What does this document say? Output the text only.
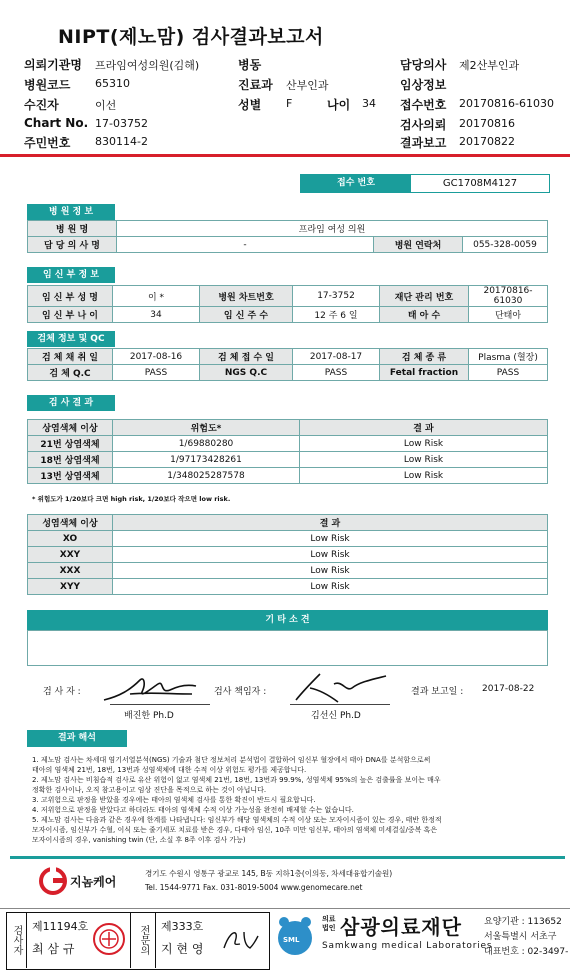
NIPT(제노맘) 검사결과보고서
의뢰기관명 프라임여성의원(김해)	병동	담당의사 제2산부인과
병원코드 65310	진료과 산부인과	임상정보
수진자	이선	성별 F	나이 34 접수번호 20170816-61030
Chart No. 17-03752	검사의뢰 20170816
주민번호 830114-2	결과보고 20170822
접수 번호	GC1708M4127
병 원 정 보
병 원 명	프라임 여성 의원		
담 당 의 사 명	-	병원 연락처	055-328-0059
임 신 부 정 보
임 신 부 성 명	이 *	병원 차트번호	17-3752	재단 관리 번호	20170816-61030
임 신 부 나 이	34	임 신 주 수	12 주 6 일	태 아 수	단태아
검체 정보 및 QC
검 체 채 취 일	2017-08-16	검 체 접 수 일	2017-08-17	검 체 종 류	Plasma (혈장)
검 체 Q.C	PASS	NGS Q.C	PASS	Fetal fraction	PASS
검 사 결 과
상염색체 이상	위험도*	결 과
21번 상염색체	1/69880280	Low Risk
18번 상염색체	1/97173428261	Low Risk
13번 상염색체	1/348025287578	Low Risk
* 위험도가 1/20보다 크면 high risk, 1/20보다 작으면 low risk.
성염색체 이상	결 과
XO	Low Risk
XXY	Low Risk
XXX	Low Risk
XYY	Low Risk
기 타 소 견
검 사 자 :
배진한 Ph.D
검사 책임자 :
김선신 Ph.D
결과 보고일 : 2017-08-22
결과 해석
1. 제노맘 검사는 차세대 염기서열분석(NGS) 기술과 첨단 정보처리 분석법이 결합하여 임신부 혈장에서 태아 DNA를 분석함으로써
태아의 염색체 21번, 18번, 13번과 성염색체에 대한 수적 이상 위험도 평가를 제공합니다.
2. 제노맘 검사는 비침습적 검사로 유산 위험이 없고 염색체 21번, 18번, 13번과 99.9%, 성염색체 95%의 높은 검출률을 보이는 매우
정확한 검사이나, 오직 참고용이고 임상 진단을 목적으로 하는 것이 아닙니다.
3. 고위험으로 판정을 받았을 경우에는 태아의 염색체 검사를 통한 확진이 반드시 필요합니다.
4. 저위험으로 판정을 받았다고 하더라도 태아의 염색체 수적 이상 가능성을 완전히 배제할 수는 없습니다.
5. 제노맘 검사는 다음과 같은 경우에 한계를 나타냅니다: 임신부가 해당 염색체의 수적 이상 또는 모자이시즘이 있는 경우, 태반 한정적
모자이시즘, 임신부가 수혈, 이식 또는 줄기세포 치료를 받은 경우, 다태아 임신, 10주 미만 임신부, 태아의 염색체 미세결실/중복 혹은
모자이시즘의 경우, vanishing twin (단, 소실 후 8주 이후 검사 가능)
지놈케어
경기도 수원시 영통구 광교로 145, B동 지하1층(이의동, 차세대융합기술원)
Tel. 1544-9771 Fax. 031-8019-5004 www.genomecare.net
검사자 제11194호
최 삼 규	전문의	제333호
지 현 영
SML
의료법인 삼광의료재단
Samkwang medical Laboratories
요양기관 : 113652
서울특별시 서초구
대표번호 : 02-3497-
